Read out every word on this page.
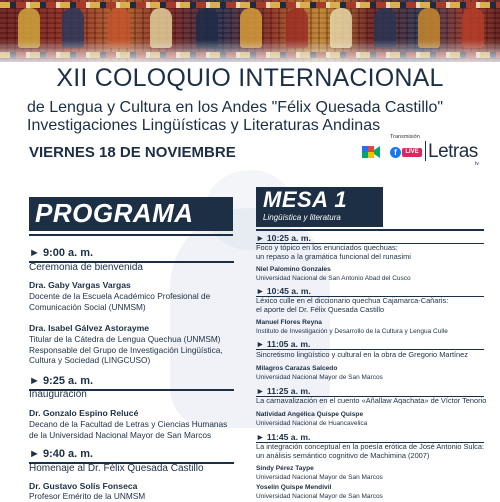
XII COLOQUIO INTERNACIONAL
de Lengua y Cultura en los Andes "Félix Quesada Castillo"
Investigaciones Lingüísticas y Literaturas Andinas
VIERNES 18 DE NOVIEMBRE
Transmisión
f	LIVE Letras
tv
PROGRAMA
► 9:00 a. m.
Ceremonia de bienvenida
Dra. Gaby Vargas Vargas
Docente de la Escuela Académico Profesional de
Comunicación Social (UNMSM)
Dra. Isabel Gálvez Astorayme
Titular de la Cátedra de Lengua Quechua (UNMSM)
Responsable del Grupo de Investigación Lingüística,
Cultura y Sociedad (LINGCUSO)
► 9:25 a. m.
Inauguración
Dr. Gonzalo Espino Relucé
Decano de la Facultad de Letras y Ciencias Humanas
de la Universidad Nacional Mayor de San Marcos
► 9:40 a. m.
Homenaje al Dr. Félix Quesada Castillo
Dr. Gustavo Solís Fonseca
Profesor Emérito de la UNMSM
MESA 1
Lingüística y literatura
► 10:25 a. m.
Foco y tópico en los enunciados quechuas:
un repaso a la gramática funcional del runasimi
Niel Palomino Gonzales
Universidad Nacional de San Antonio Abad del Cusco
► 10:45 a. m.
Léxico culle en el diccionario quechua Cajamarca-Cañaris:
el aporte del Dr. Félix Quesada Castillo
Manuel Flores Reyna
Instituto de Investigación y Desarrollo de la Cultura y Lengua Culle
► 11:05 a. m.
Sincretismo lingüístico y cultural en la obra de Gregorio Martínez
Milagros Carazas Salcedo
Universidad Nacional Mayor de San Marcos
► 11:25 a. m.
La carnavalización en el cuento «Añallaw Aqachata» de Víctor Tenorio
Natividad Angélica Quispe Quispe
Universidad Nacional de Huancavelica
► 11:45 a. m.
La integración conceptual en la poesía erótica de José Antonio Sulca:
un análisis semántico cognitivo de Machimina (2007)
Sindy Pérez Taype
Universidad Nacional Mayor de San Marcos
Yoselin Quispe Mendivil
Universidad Nacional Mayor de San Marcos
